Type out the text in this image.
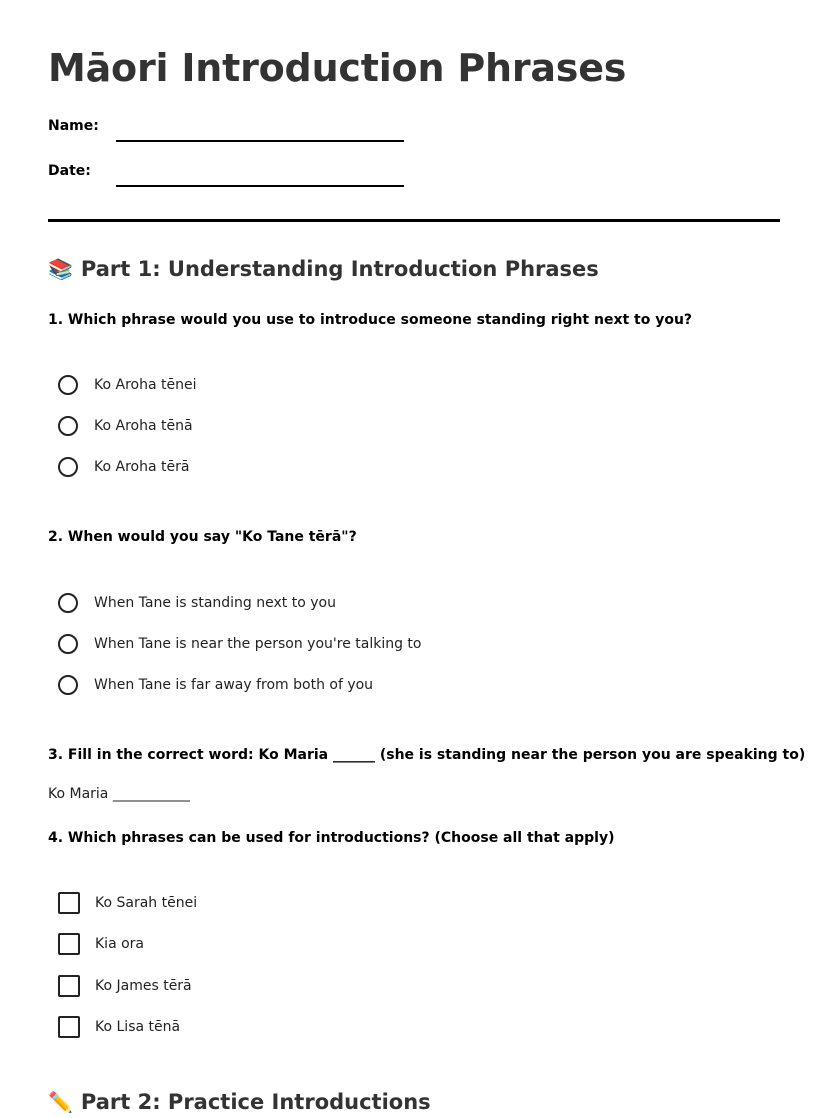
Māori Introduction Phrases
Name:
Date:
📚 Part 1: Understanding Introduction Phrases

1. Which phrase would you use to introduce someone standing right next to you?

Ko Aroha tēnei
Ko Aroha tēnā
Ko Aroha tērā

2. When would you say "Ko Tane tērā"?

When Tane is standing next to you
When Tane is near the person you're talking to
When Tane is far away from both of you

3. Fill in the correct word: Ko Maria ______ (she is standing near the person you are speaking to)

Ko Maria ___________

4. Which phrases can be used for introductions? (Choose all that apply)

Ko Sarah tēnei
Kia ora
Ko James tērā
Ko Lisa tēnā
✏️ Part 2: Practice Introductions
